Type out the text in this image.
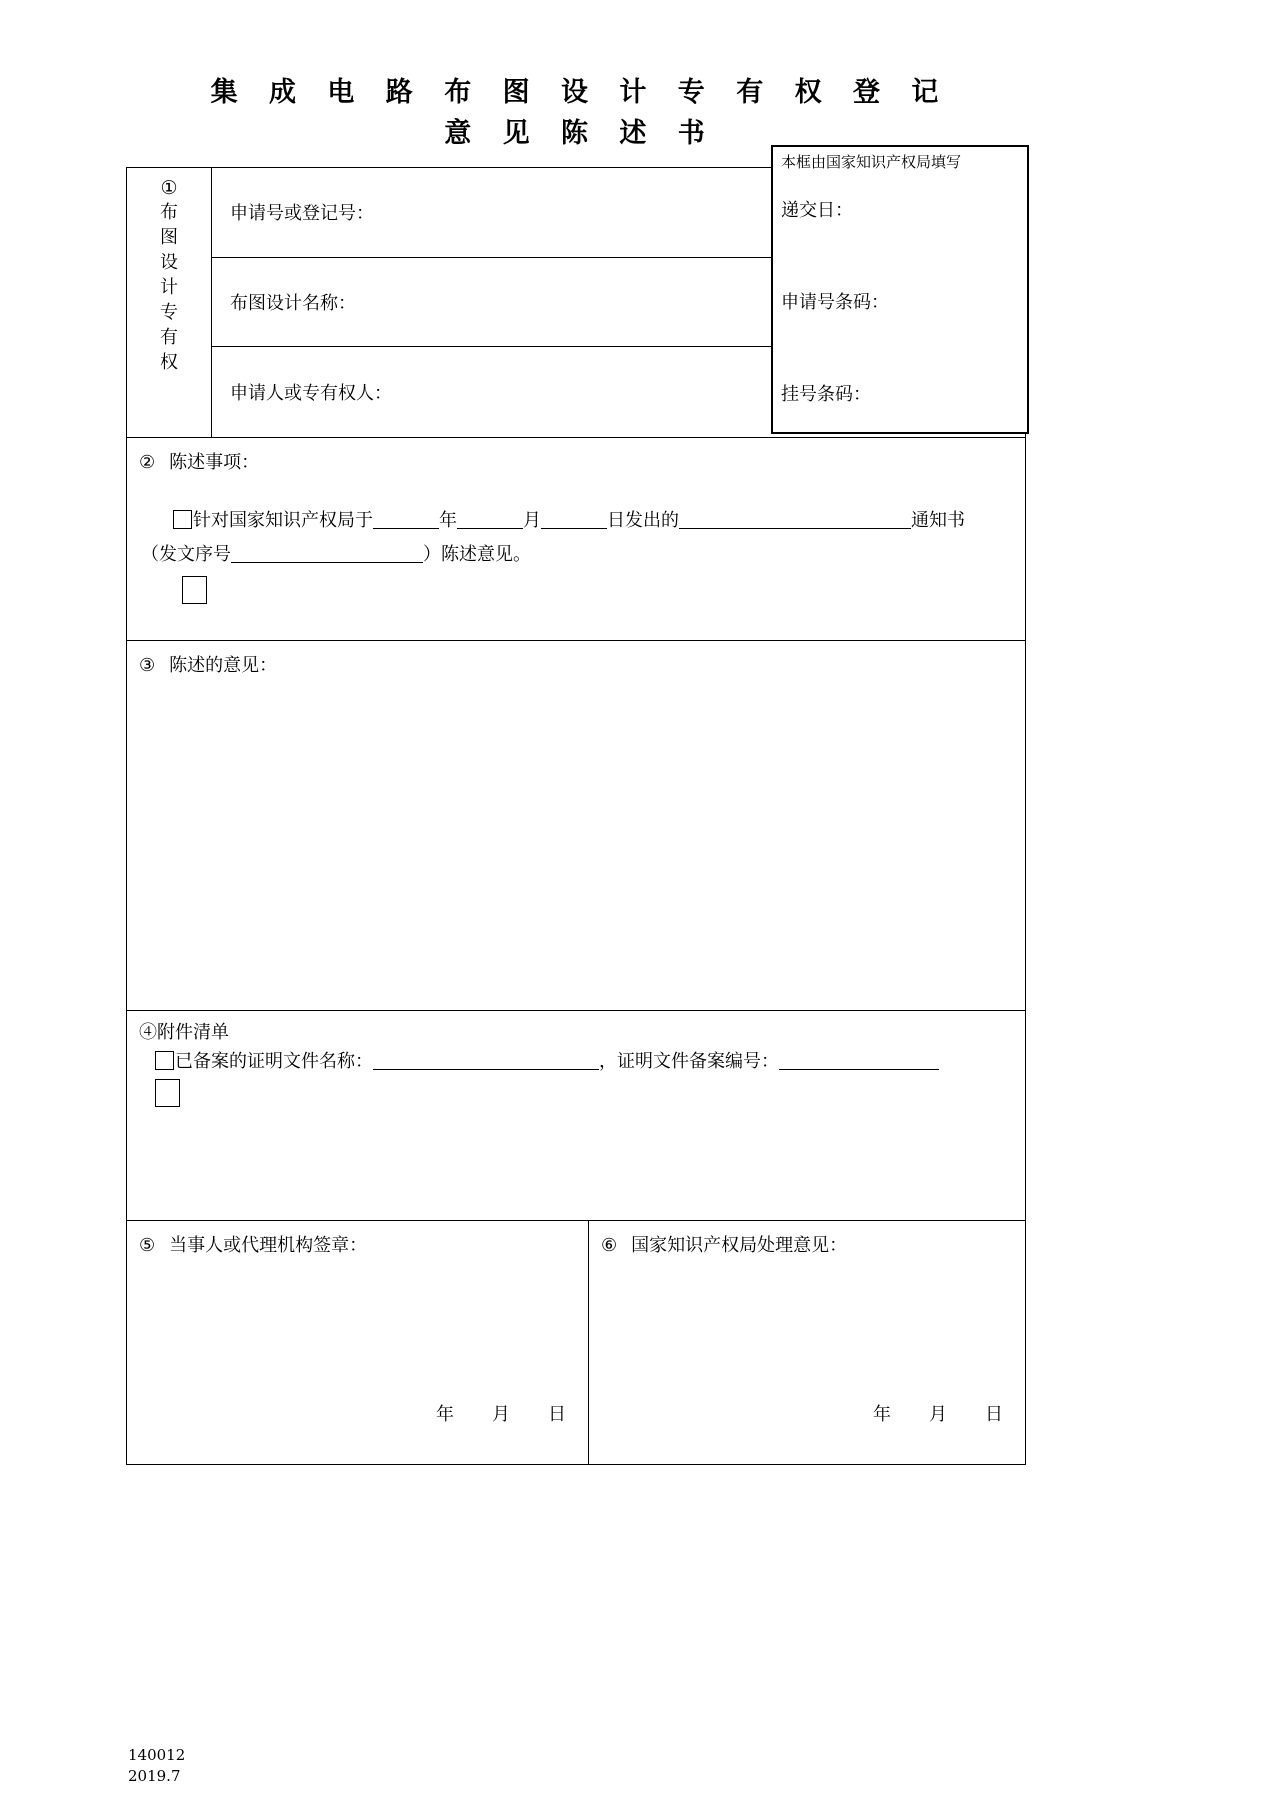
集 成 电 路 布 图 设 计 专 有 权 登 记
意 见 陈 述 书
①
布
图
设
计
专
有
权
申请号或登记号：
布图设计名称：
申请人或专有权人：
② 陈述事项：
针对国家知识产权局于	年	月	日发出的	通知书
（发文序号	）陈述意见。
③ 陈述的意见：
④附件清单
已备案的证明文件名称：	，证明文件备案编号：
⑤ 当事人或代理机构签章：
年 月 日
⑥ 国家知识产权局处理意见：
年 月 日
本框由国家知识产权局填写
递交日：
申请号条码：
挂号条码：
140012
2019.7
